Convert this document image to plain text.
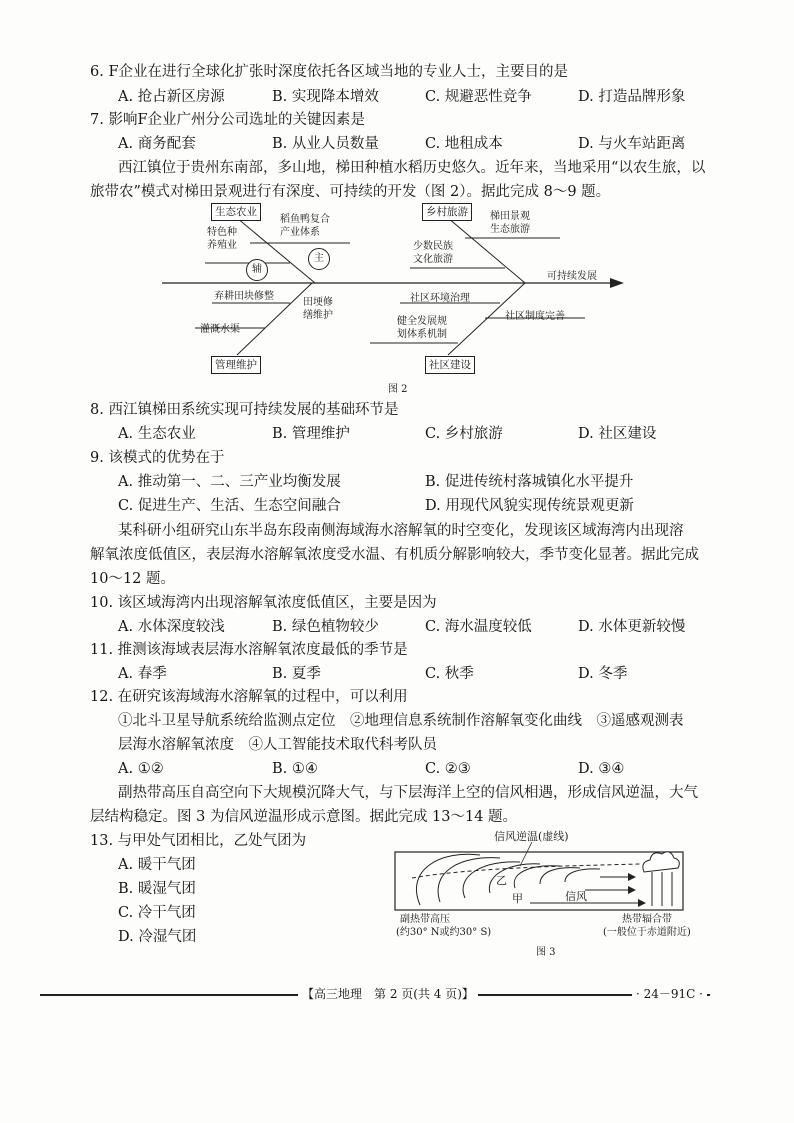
6. F企业在进行全球化扩张时深度依托各区域当地的专业人士，主要目的是
A. 抢占新区房源	B. 实现降本增效	C. 规避恶性竞争	D. 打造品牌形象
7. 影响F企业广州分公司选址的关键因素是
A. 商务配套	B. 从业人员数量	C. 地租成本	D. 与火车站距离
西江镇位于贵州东南部，多山地，梯田种植水稻历史悠久。近年来，当地采用“以农生旅，以
旅带农”模式对梯田景观进行有深度、可持续的开发（图 2）。据此完成 8～9 题。
生态农业	乡村旅游
管理维护	社区建设
稻鱼鸭复合
产业体系
特色种
养殖业
梯田景观
生态旅游
少数民族
文化旅游
可持续发展
弃耕田块修整
田埂修
缮维护
社区环境治理
灌溉水渠
健全发展规
划体系机制
社区制度完善
主
辅
图 2
8. 西江镇梯田系统实现可持续发展的基础环节是
A. 生态农业	B. 管理维护	C. 乡村旅游	D. 社区建设
9. 该模式的优势在于
A. 推动第一、二、三产业均衡发展	B. 促进传统村落城镇化水平提升
C. 促进生产、生活、生态空间融合	D. 用现代风貌实现传统景观更新
某科研小组研究山东半岛东段南侧海域海水溶解氧的时空变化，发现该区域海湾内出现溶
解氧浓度低值区，表层海水溶解氧浓度受水温、有机质分解影响较大，季节变化显著。据此完成
10～12 题。
10. 该区域海湾内出现溶解氧浓度低值区，主要是因为
A. 水体深度较浅	B. 绿色植物较少	C. 海水温度较低	D. 水体更新较慢
11. 推测该海域表层海水溶解氧浓度最低的季节是
A. 春季	B. 夏季	C. 秋季	D. 冬季
12. 在研究该海域海水溶解氧的过程中，可以利用
①北斗卫星导航系统给监测点定位　②地理信息系统制作溶解氧变化曲线　③遥感观测表
层海水溶解氧浓度　④人工智能技术取代科考队员
A. ①②	B. ①④	C. ②③	D. ③④
副热带高压自高空向下大规模沉降大气，与下层海洋上空的信风相遇，形成信风逆温，大气
层结构稳定。图 3 为信风逆温形成示意图。据此完成 13～14 题。
13. 与甲处气团相比，乙处气团为
A. 暖干气团
B. 暖湿气团
C. 冷干气团
D. 冷湿气团
信风逆温(虚线)
乙
甲	信风
副热带高压
(约30° N或约30° S)
热带辐合带
(一般位于赤道附近)
图 3
【高三地理　第 2 页(共 4 页)】	· 24－91C ·
